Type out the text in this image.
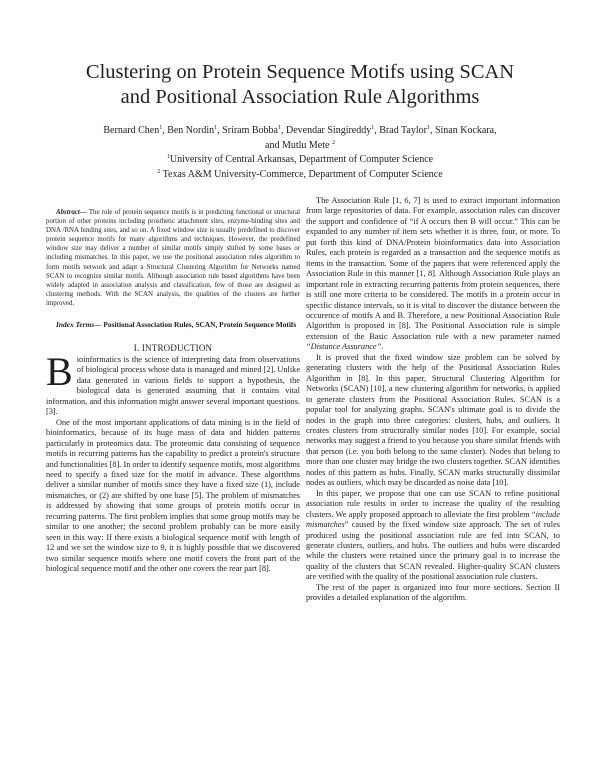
Clustering on Protein Sequence Motifs using SCAN
and Positional Association Rule Algorithms
Bernard Chen$^1$, Ben Nordin$^1$, Sriram Bobba$^1$, Devendar Singireddy$^1$, Brad Taylor$^1$, Sinan Kockara,
and Mutlu Mete $^2$
$^1$University of Central Arkansas, Department of Computer Science
$^2$ Texas A&M University-Commerce, Department of Computer Science

Abstract— The role of protein sequence motifs is in predicting functional or structural portion of other proteins including prosthetic attachment sites, enzyme-binding sites and DNA /RNA binding sites, and so on. A fixed window size is usually predefined to discover protein sequence motifs for many algorithms and techniques. However, the predefined window size may deliver a number of similar motifs simply shifted by some bases or including mismatches. In this paper, we use the positional association rules algorithm to form motifs network and adapt a Structural Clustering Algorithm for Networks named SCAN to recognize similar motifs. Although association rule based algorithms have been widely adapted in association analysis and classification, few of those are designed as clustering methods. With the SCAN analysis, the qualities of the clusters are further improved.

Index Terms— Positional Association Rules, SCAN, Protein Sequence Motifs

I. INTRODUCTION

Bioinformatics is the science of interpreting data from observations of biological process whose data is managed and mined [2]. Unlike data generated in various fields to support a hypothesis, the biological data is generated assuming that it contains vital information, and this information might answer several important questions. [3].

One of the most important applications of data mining is in the field of bioinformatics, because of its huge mass of data and hidden patterns particularly in proteomics data. The proteomic data consisting of sequence motifs in recurring patterns has the capability to predict a protein's structure and functionalities [8]. In order to identify sequence motifs, most algorithms need to specify a fixed size for the motif in advance. These algorithms deliver a similar number of motifs since they have a fixed size (1), include mismatches, or (2) are shifted by one base [5]. The problem of mismatches is addressed by showing that some groups of protein motifs occur in recurring patterns. The first problem implies that some group motifs may be similar to one another; the second problem probably can be more easily seen in this way: If there exists a biological sequence motif with length of 12 and we set the window size to 9, it is highly possible that we discovered two similar sequence motifs where one motif covers the front part of the biological sequence motif and the other one covers the rear part [8].

The Association Rule [1, 6, 7] is used to extract important information from large repositories of data. For example, association rules can discover the support and confidence of “if A occurs then B will occur.” This can be expanded to any number of item sets whether it is three, four, or more. To put forth this kind of DNA/Protein bioinformatics data into Association Rules, each protein is regarded as a transaction and the sequence motifs as items in the transaction. Some of the papers that were referenced apply the Association Rule in this manner [1, 8]. Although Association Rule plays an important role in extracting recurring patterns from protein sequences, there is still one more criteria to be considered. The motifs in a protein occur in specific distance intervals, so it is vital to discover the distance between the occurence of motifs A and B. Therefore, a new Positional Association Rule Algorithm is proposed in [8]. The Positional Association rule is simple extension of the Basic Association rule with a new parameter named “Distance Assurance”.

It is proved that the fixed window size problem can be solved by generating clusters with the help of the Positional Association Rules Algorithm in [8]. In this paper, Structural Clustering Algorithm for Networks (SCAN) [10], a new clustering algorithm for networks, is applied to generate clusters from the Positional Association Rules. SCAN is a popular tool for analyzing graphs. SCAN's ultimate goal is to divide the nodes in the graph into three categories: clusters, hubs, and outliers. It creates clusters from structurally similar nodes [10]. For example, social networks may suggest a friend to you because you share similar friends with that person (i.e. you both belong to the same cluster). Nodes that belong to more than one cluster may bridge the two clusters together. SCAN identifies nodes of this pattern as hubs. Finally, SCAN marks structurally dissimilar nodes as outliers, which may be discarded as noise data [10].

In this paper, we propose that one can use SCAN to refine positional association rule results in order to increase the quality of the resulting clusters. We apply proposed approach to alleviate the first problem “include mismatches” caused by the fixed window size approach. The set of rules produced using the positional association rule are fed into SCAN, to generate clusters, outliers, and hubs. The outliers and hubs were discarded while the clusters were retained since the primary goal is to increase the quality of the clusters that SCAN revealed. Higher-quality SCAN clusters are verified with the quality of the positional association rule clusters.

The rest of the paper is organized into four more sections. Section II provides a detailed explanation of the algorithm.
